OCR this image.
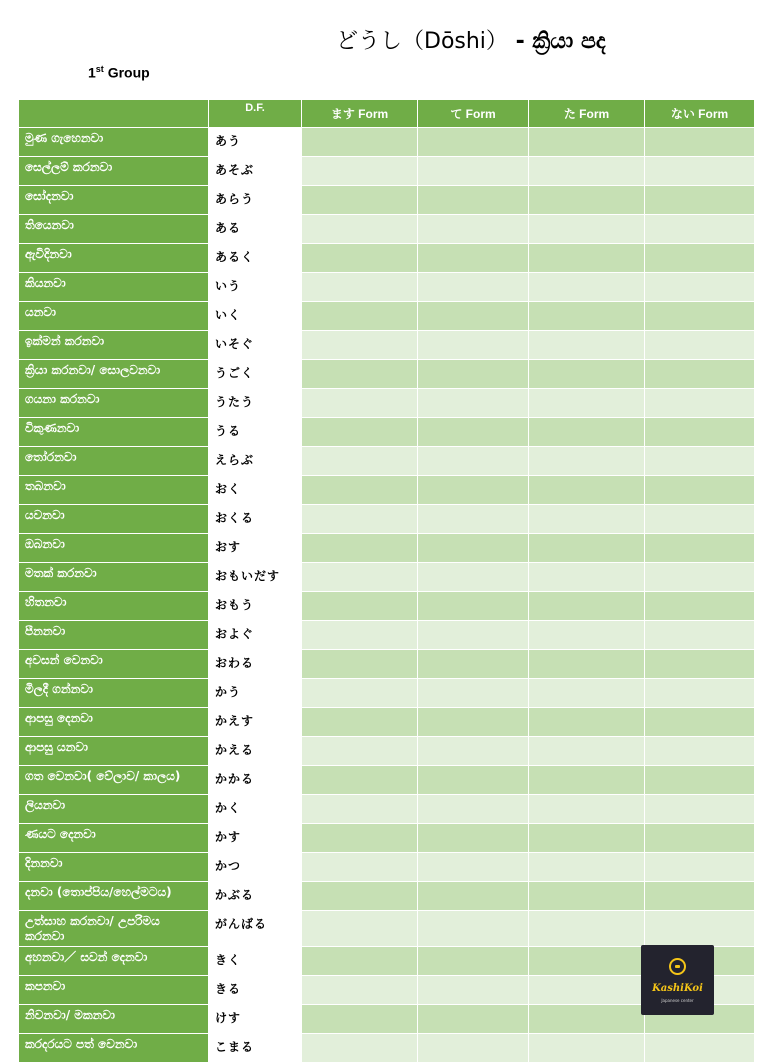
どうし（Dōshi） - ක්‍රියා පද
1st Group
	D.F.	ます Form	て Form	た Form	ない Form
මුණ ගැහෙනවා	あう				
සෙල්ලම් කරනවා	あそぶ				
සෝදනවා	あらう				
තියෙනවා	ある				
ඇවිදිනවා	あるく				
කියනවා	いう				
යනවා	いく				
ඉක්මන් කරනවා	いそぐ				
ක්‍රියා කරනවා/ සොලවනවා	うごく				
ගයනා කරනවා	うたう				
විකුණනවා	うる				
තෝරනවා	えらぶ				
තබනවා	おく				
යවනවා	おくる				
ඔබනවා	おす				
මතක් කරනවා	おもいだす				
හිතනවා	おもう				
පීනනවා	およぐ				
අවසන් වෙනවා	おわる				
මිලදී ගන්නවා	かう				
ආපසු දෙනවා	かえす				
ආපසු යනවා	かえる				
ගත වෙනවා( වේලාව/ කාලය)	かかる				
ලියනවා	かく				
ණයට දෙනවා	かす				
දිනනවා	かつ				
දනවා (තොප්පිය/හෙල්මටය)	かぶる				
උත්සාහ කරනවා/ උපරිමය කරනවා	がんばる				
අහනවා／ සවන් දෙනවා	きく				
කපනවා	きる				
නිවනවා/ මකනවා	けす				
කරදරයට පත් වෙනවා	こまる				
KashiKoi
Japanese center
